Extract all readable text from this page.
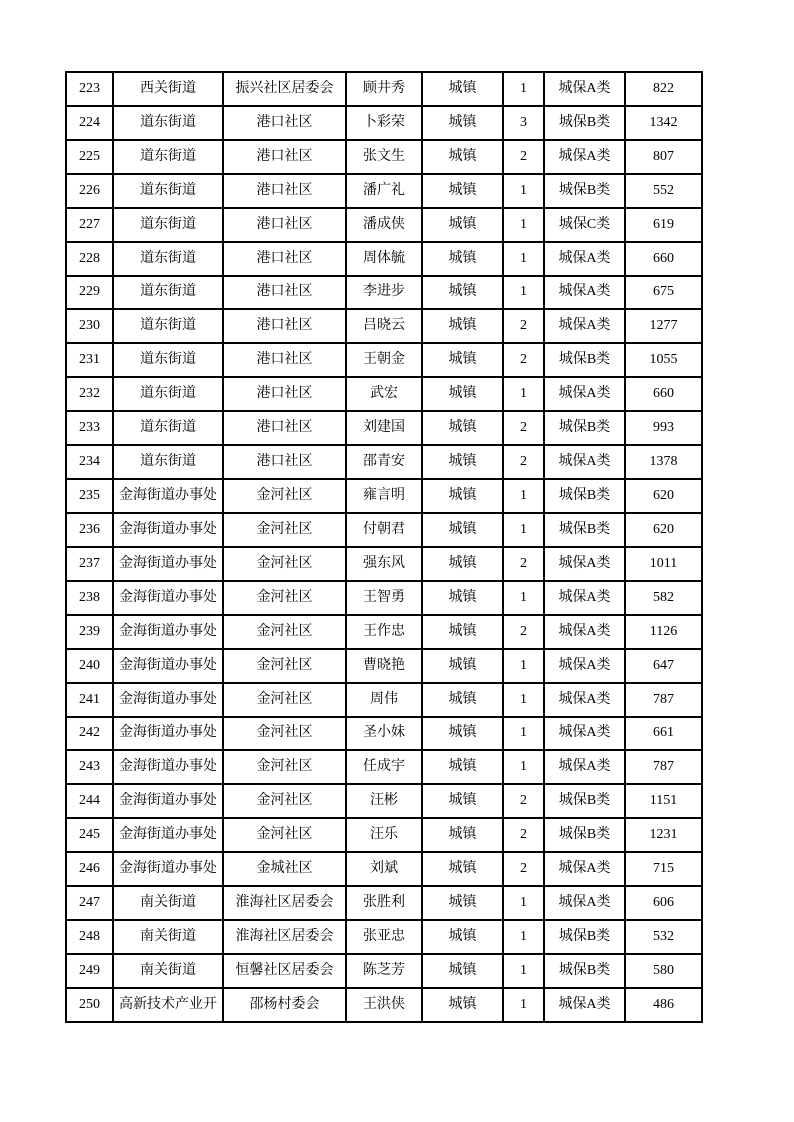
223	西关街道	振兴社区居委会	顾井秀	城镇	1	城保A类	822
224	道东街道	港口社区	卜彩荣	城镇	3	城保B类	1342
225	道东街道	港口社区	张文生	城镇	2	城保A类	807
226	道东街道	港口社区	潘广礼	城镇	1	城保B类	552
227	道东街道	港口社区	潘成侠	城镇	1	城保C类	619
228	道东街道	港口社区	周体毓	城镇	1	城保A类	660
229	道东街道	港口社区	李进步	城镇	1	城保A类	675
230	道东街道	港口社区	吕晓云	城镇	2	城保A类	1277
231	道东街道	港口社区	王朝金	城镇	2	城保B类	1055
232	道东街道	港口社区	武宏	城镇	1	城保A类	660
233	道东街道	港口社区	刘建国	城镇	2	城保B类	993
234	道东街道	港口社区	邵青安	城镇	2	城保A类	1378
235	金海街道办事处	金河社区	雍言明	城镇	1	城保B类	620
236	金海街道办事处	金河社区	付朝君	城镇	1	城保B类	620
237	金海街道办事处	金河社区	强东风	城镇	2	城保A类	1011
238	金海街道办事处	金河社区	王智勇	城镇	1	城保A类	582
239	金海街道办事处	金河社区	王作忠	城镇	2	城保A类	1126
240	金海街道办事处	金河社区	曹晓艳	城镇	1	城保A类	647
241	金海街道办事处	金河社区	周伟	城镇	1	城保A类	787
242	金海街道办事处	金河社区	圣小妹	城镇	1	城保A类	661
243	金海街道办事处	金河社区	任成宇	城镇	1	城保A类	787
244	金海街道办事处	金河社区	汪彬	城镇	2	城保B类	1151
245	金海街道办事处	金河社区	汪乐	城镇	2	城保B类	1231
246	金海街道办事处	金城社区	刘斌	城镇	2	城保A类	715
247	南关街道	淮海社区居委会	张胜利	城镇	1	城保A类	606
248	南关街道	淮海社区居委会	张亚忠	城镇	1	城保B类	532
249	南关街道	恒馨社区居委会	陈芝芳	城镇	1	城保B类	580
250	高新技术产业开	邵杨村委会	王洪侠	城镇	1	城保A类	486
